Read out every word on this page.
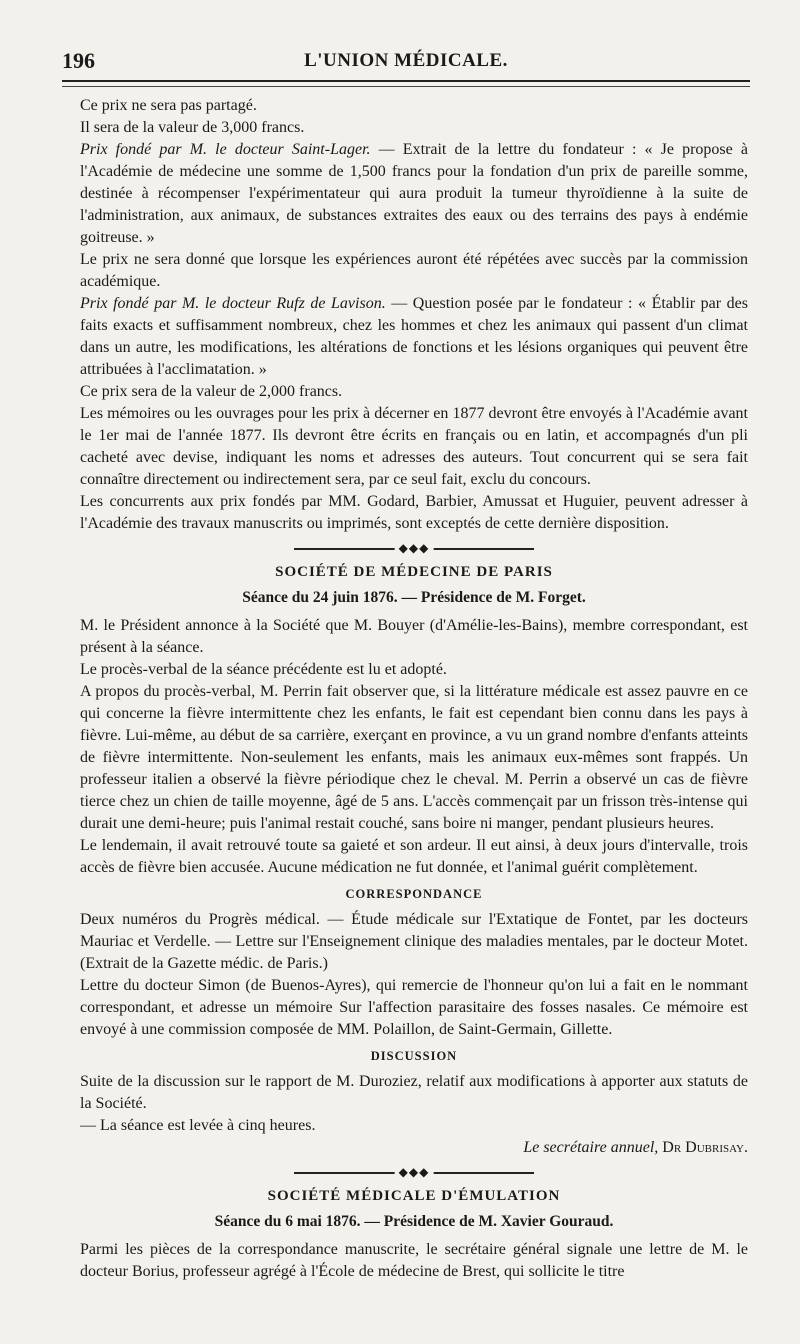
196	L'UNION MÉDICALE.

Ce prix ne sera pas partagé.

Il sera de la valeur de 3,000 francs.

Prix fondé par M. le docteur Saint-Lager. — Extrait de la lettre du fondateur : « Je propose à l'Académie de médecine une somme de 1,500 francs pour la fondation d'un prix de pareille somme, destinée à récompenser l'expérimentateur qui aura produit la tumeur thyroïdienne à la suite de l'administration, aux animaux, de substances extraites des eaux ou des terrains des pays à endémie goitreuse. »

Le prix ne sera donné que lorsque les expériences auront été répétées avec succès par la commission académique.

Prix fondé par M. le docteur Rufz de Lavison. — Question posée par le fondateur : « Établir par des faits exacts et suffisamment nombreux, chez les hommes et chez les animaux qui passent d'un climat dans un autre, les modifications, les altérations de fonctions et les lésions organiques qui peuvent être attribuées à l'acclimatation. »

Ce prix sera de la valeur de 2,000 francs.

Les mémoires ou les ouvrages pour les prix à décerner en 1877 devront être envoyés à l'Académie avant le 1er mai de l'année 1877. Ils devront être écrits en français ou en latin, et accompagnés d'un pli cacheté avec devise, indiquant les noms et adresses des auteurs. Tout concurrent qui se sera fait connaître directement ou indirectement sera, par ce seul fait, exclu du concours.

Les concurrents aux prix fondés par MM. Godard, Barbier, Amussat et Huguier, peuvent adresser à l'Académie des travaux manuscrits ou imprimés, sont exceptés de cette dernière disposition.

◆◆◆

SOCIÉTÉ DE MÉDECINE DE PARIS

Séance du 24 juin 1876. — Présidence de M. Forget.

M. le Président annonce à la Société que M. Bouyer (d'Amélie-les-Bains), membre correspondant, est présent à la séance.

Le procès-verbal de la séance précédente est lu et adopté.

A propos du procès-verbal, M. Perrin fait observer que, si la littérature médicale est assez pauvre en ce qui concerne la fièvre intermittente chez les enfants, le fait est cependant bien connu dans les pays à fièvre. Lui-même, au début de sa carrière, exerçant en province, a vu un grand nombre d'enfants atteints de fièvre intermittente. Non-seulement les enfants, mais les animaux eux-mêmes sont frappés. Un professeur italien a observé la fièvre périodique chez le cheval. M. Perrin a observé un cas de fièvre tierce chez un chien de taille moyenne, âgé de 5 ans. L'accès commençait par un frisson très-intense qui durait une demi-heure; puis l'animal restait couché, sans boire ni manger, pendant plusieurs heures.

Le lendemain, il avait retrouvé toute sa gaieté et son ardeur. Il eut ainsi, à deux jours d'intervalle, trois accès de fièvre bien accusée. Aucune médication ne fut donnée, et l'animal guérit complètement.

CORRESPONDANCE

Deux numéros du Progrès médical. — Étude médicale sur l'Extatique de Fontet, par les docteurs Mauriac et Verdelle. — Lettre sur l'Enseignement clinique des maladies mentales, par le docteur Motet. (Extrait de la Gazette médic. de Paris.)

Lettre du docteur Simon (de Buenos-Ayres), qui remercie de l'honneur qu'on lui a fait en le nommant correspondant, et adresse un mémoire Sur l'affection parasitaire des fosses nasales. Ce mémoire est envoyé à une commission composée de MM. Polaillon, de Saint-Germain, Gillette.

DISCUSSION

Suite de la discussion sur le rapport de M. Duroziez, relatif aux modifications à apporter aux statuts de la Société.

— La séance est levée à cinq heures.

Le secrétaire annuel, Dr Dubrisay.

◆◆◆

SOCIÉTÉ MÉDICALE D'ÉMULATION

Séance du 6 mai 1876. — Présidence de M. Xavier Gouraud.

Parmi les pièces de la correspondance manuscrite, le secrétaire général signale une lettre de M. le docteur Borius, professeur agrégé à l'École de médecine de Brest, qui sollicite le titre
